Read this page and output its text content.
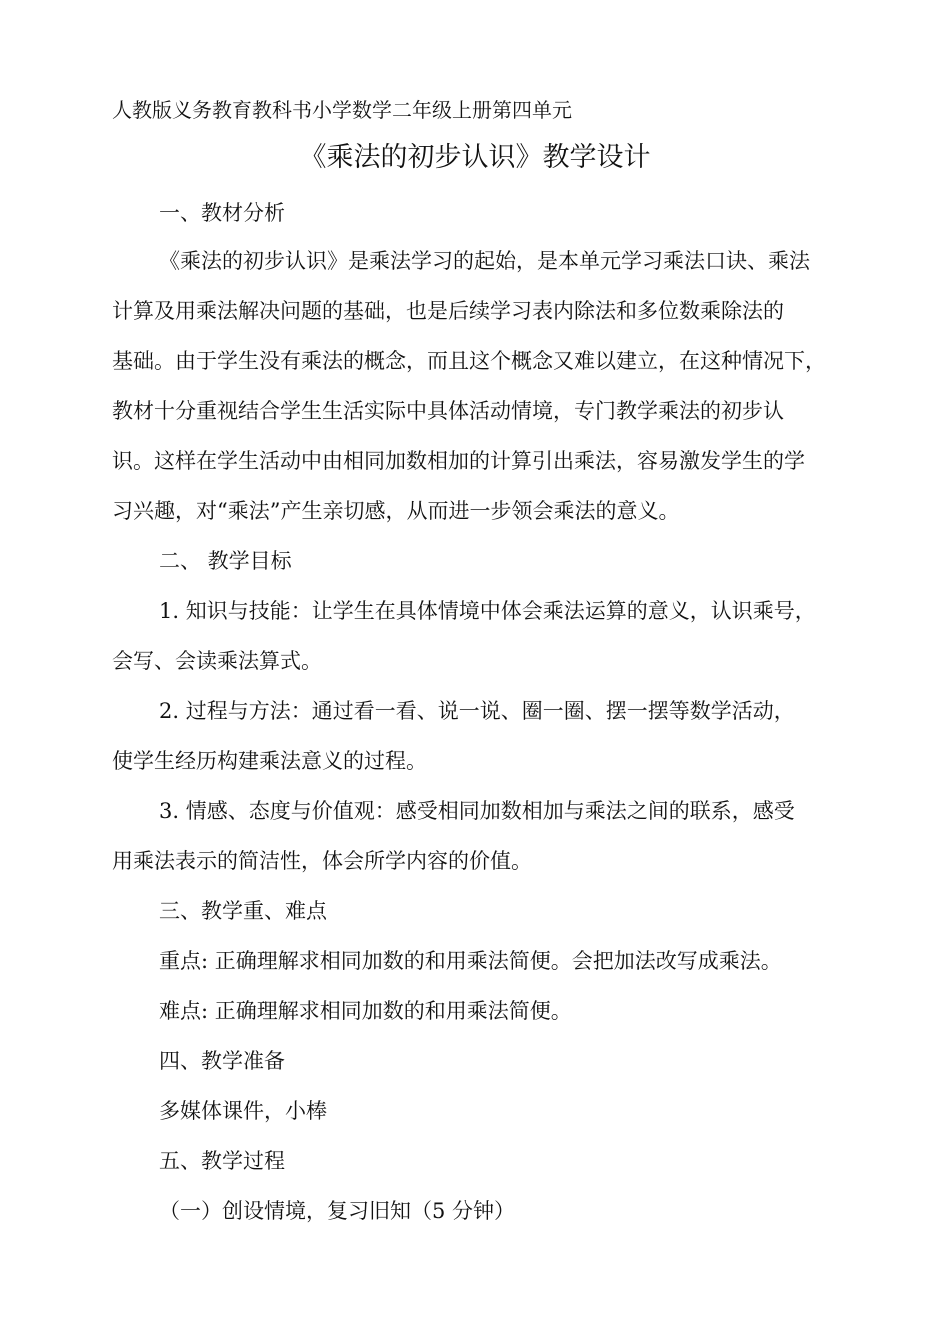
人教版义务教育教科书小学数学二年级上册第四单元
《乘法的初步认识》教学设计
一、教材分析
《乘法的初步认识》是乘法学习的起始，是本单元学习乘法口诀、乘法
计算及用乘法解决问题的基础，也是后续学习表内除法和多位数乘除法的
基础。由于学生没有乘法的概念，而且这个概念又难以建立，在这种情况下，
教材十分重视结合学生生活实际中具体活动情境，专门教学乘法的初步认
识。这样在学生活动中由相同加数相加的计算引出乘法，容易激发学生的学
习兴趣，对“乘法”产生亲切感，从而进一步领会乘法的意义。
二、 教学目标
1. 知识与技能：让学生在具体情境中体会乘法运算的意义，认识乘号，
会写、会读乘法算式。
2. 过程与方法：通过看一看、说一说、圈一圈、摆一摆等数学活动，
使学生经历构建乘法意义的过程。
3. 情感、态度与价值观：感受相同加数相加与乘法之间的联系，感受
用乘法表示的简洁性，体会所学内容的价值。
三、教学重、难点
重点: 正确理解求相同加数的和用乘法简便。会把加法改写成乘法。
难点: 正确理解求相同加数的和用乘法简便。
四、教学准备
多媒体课件，小棒
五、教学过程
（一）创设情境，复习旧知（5 分钟）
